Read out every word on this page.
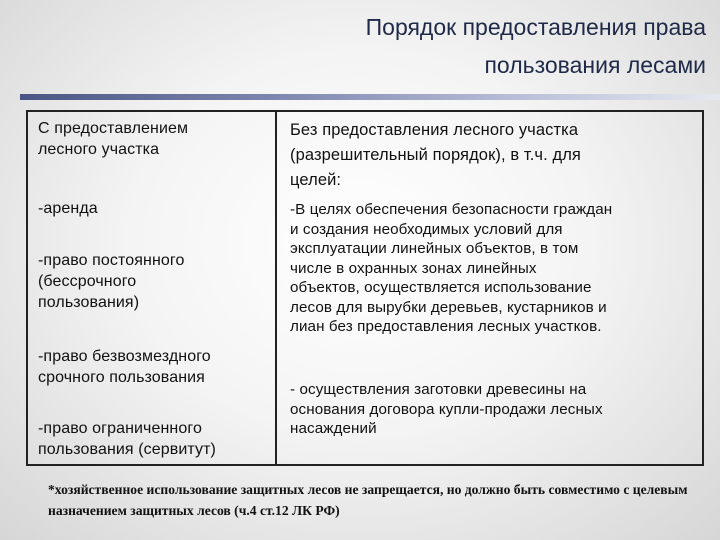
Порядок предоставления права
пользования лесами
С предоставлением
лесного участка
Без предоставления лесного участка
(разрешительный порядок), в т.ч. для
целей:
-аренда
-право постоянного
(бессрочного
пользования)
-право безвозмездного
срочного пользования
-право ограниченного
пользования (сервитут)
-В целях обеспечения безопасности граждан
и создания необходимых условий для
эксплуатации линейных объектов, в том
числе в охранных зонах линейных
объектов, осуществляется использование
лесов для вырубки деревьев, кустарников и
лиан без предоставления лесных участков.
- осуществления заготовки древесины на
основания договора купли-продажи лесных
насаждений
*хозяйственное использование защитных лесов не запрещается, но должно быть совместимо с целевым назначением защитных лесов (ч.4 ст.12 ЛК РФ)
